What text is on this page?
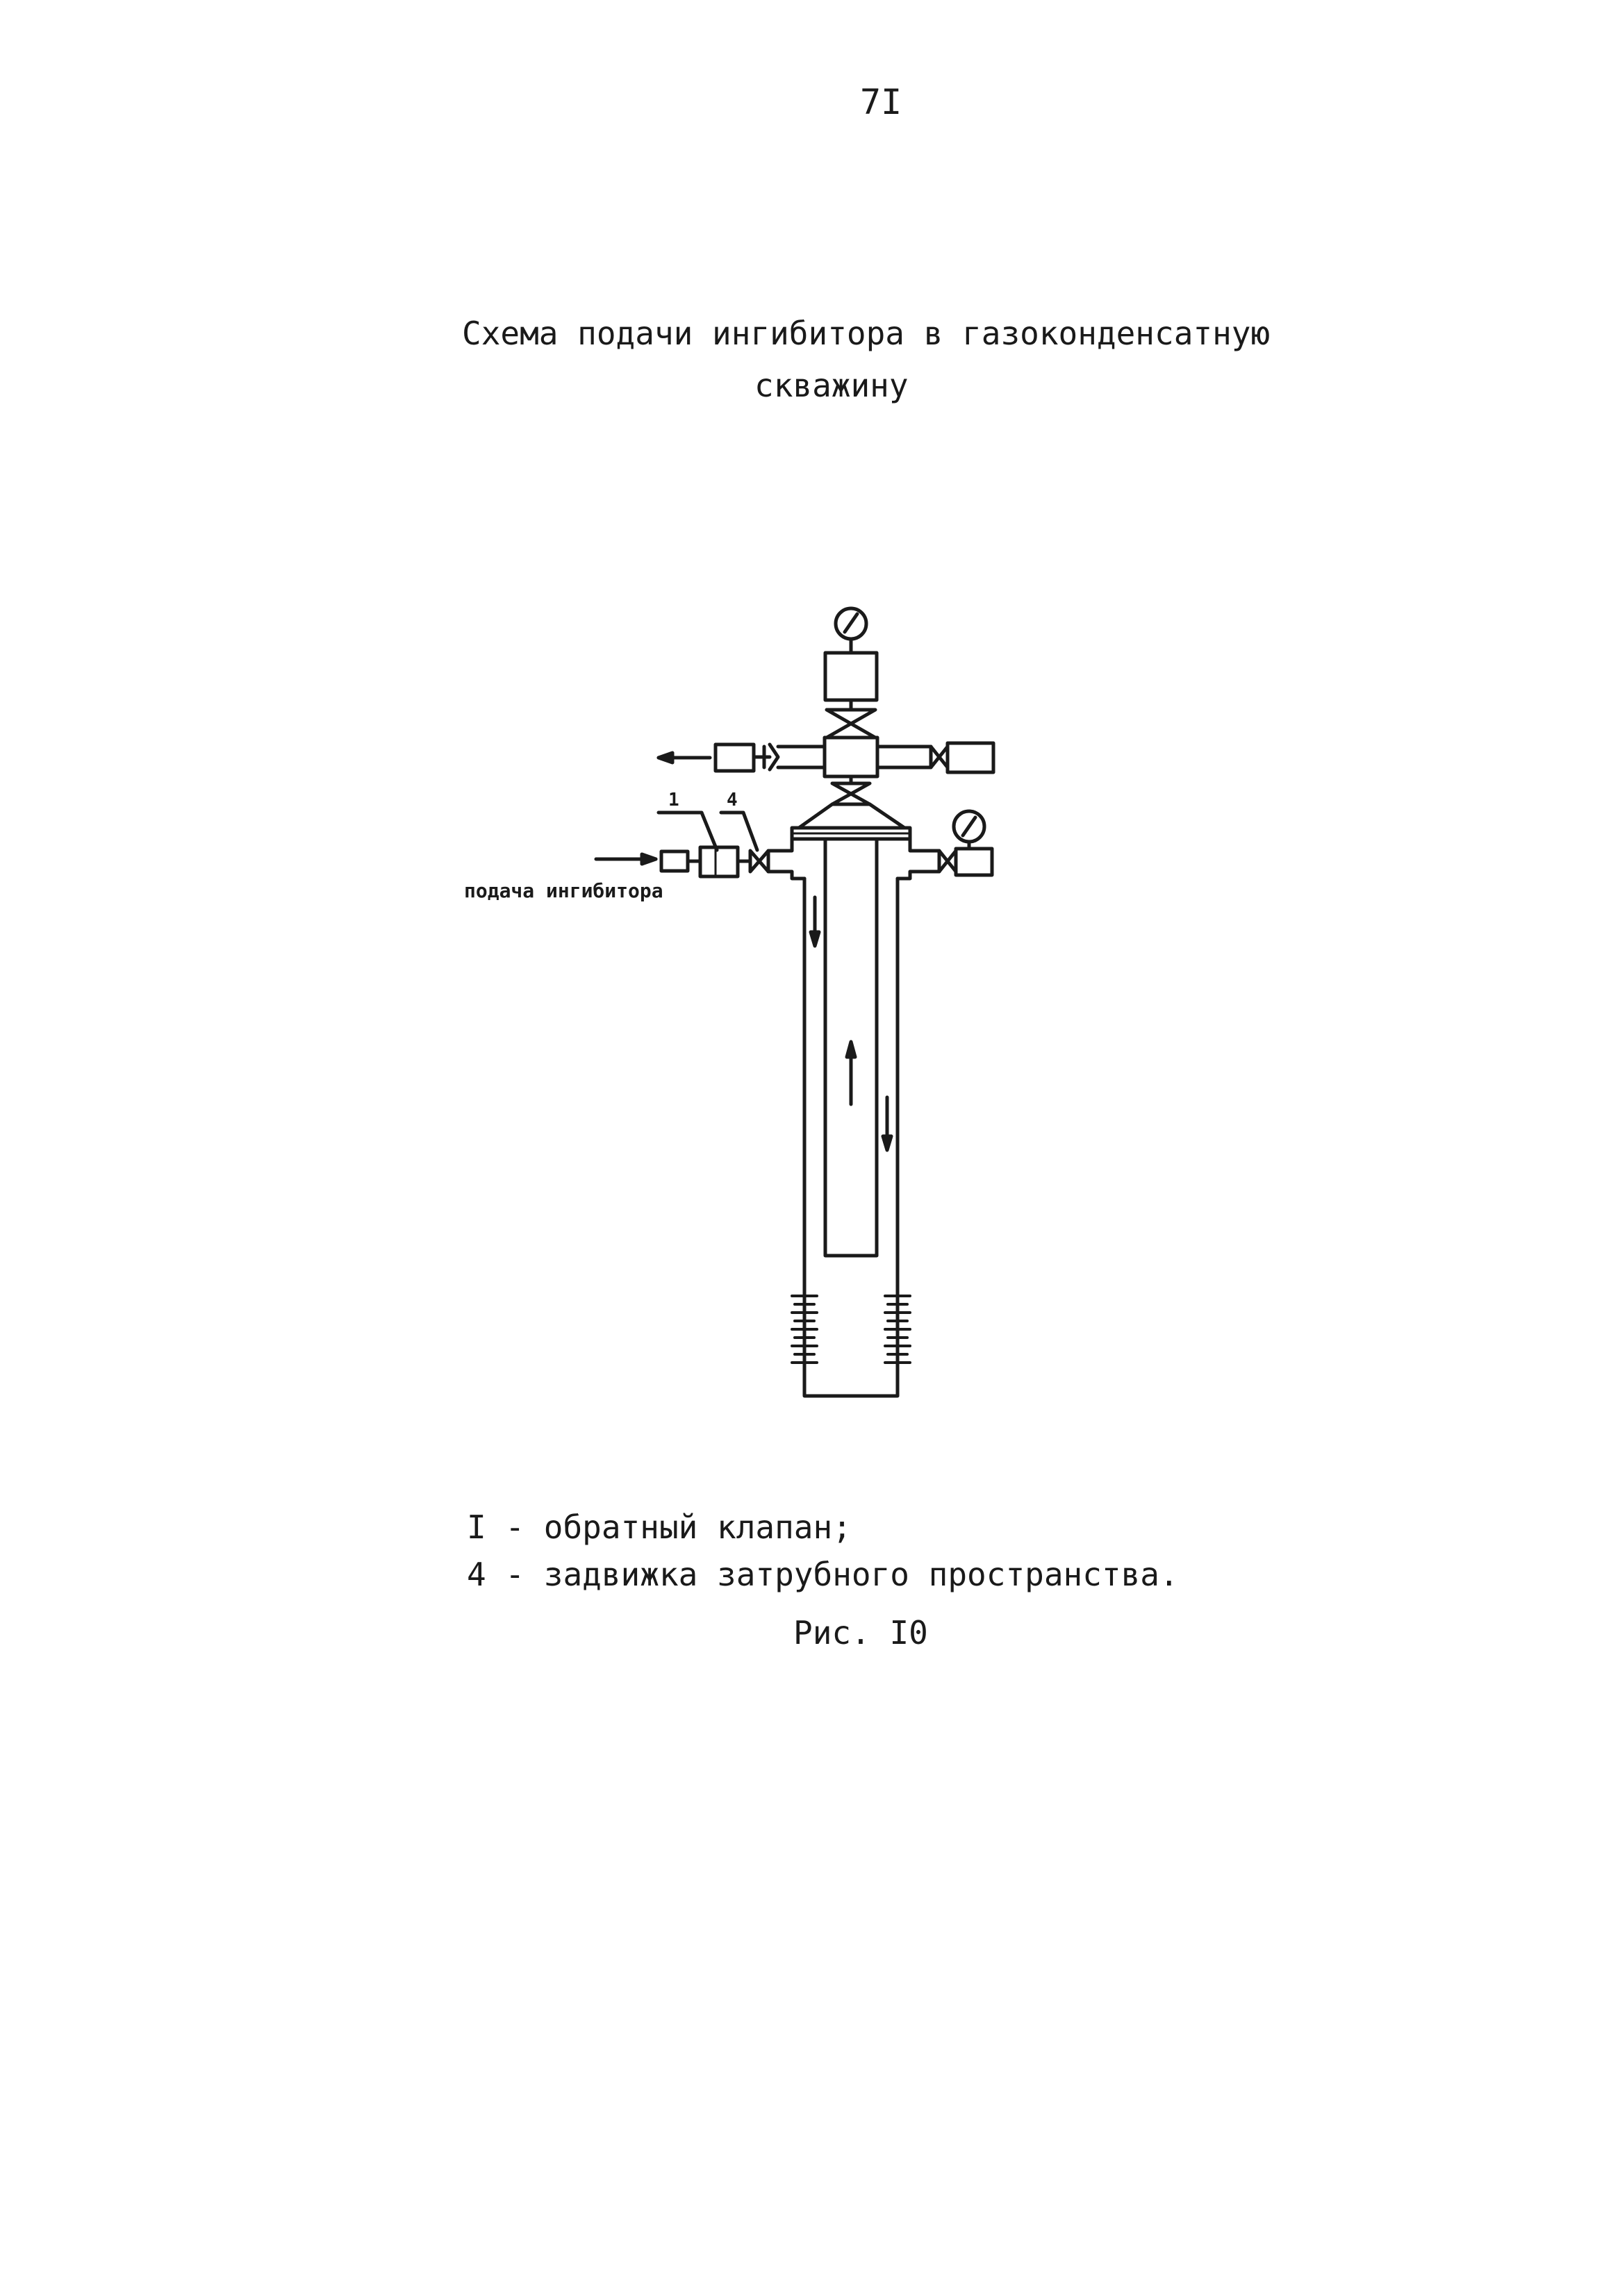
7I
Схема подачи ингибитора в газоконденсатную
скважину
1	4
подача ингибитора
I - обратный клапан;
4 - задвижка затрубного пространства.
Рис. I0
